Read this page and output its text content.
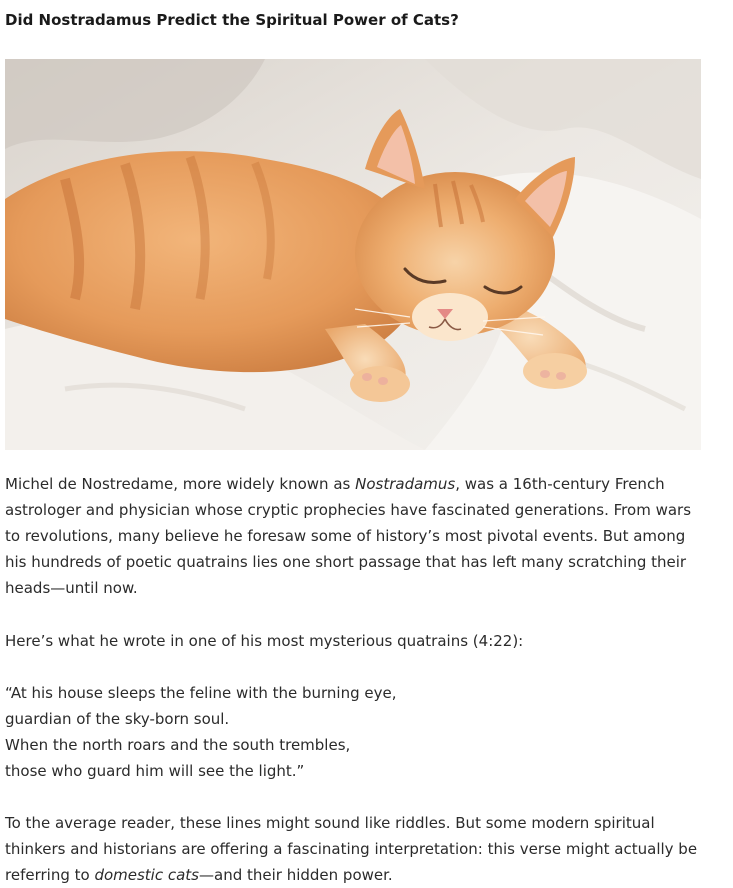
Did Nostradamus Predict the Spiritual Power of Cats?

Michel de Nostredame, more widely known as Nostradamus, was a 16th-century French astrologer and physician whose cryptic prophecies have fascinated generations. From wars to revolutions, many believe he foresaw some of history’s most pivotal events. But among his hundreds of poetic quatrains lies one short passage that has left many scratching their heads—until now.

Here’s what he wrote in one of his most mysterious quatrains (4:22):

“At his house sleeps the feline with the burning eye,
guardian of the sky-born soul.
When the north roars and the south trembles,
those who guard him will see the light.”

To the average reader, these lines might sound like riddles. But some modern spiritual thinkers and historians are offering a fascinating interpretation: this verse might actually be referring to domestic cats—and their hidden power.
